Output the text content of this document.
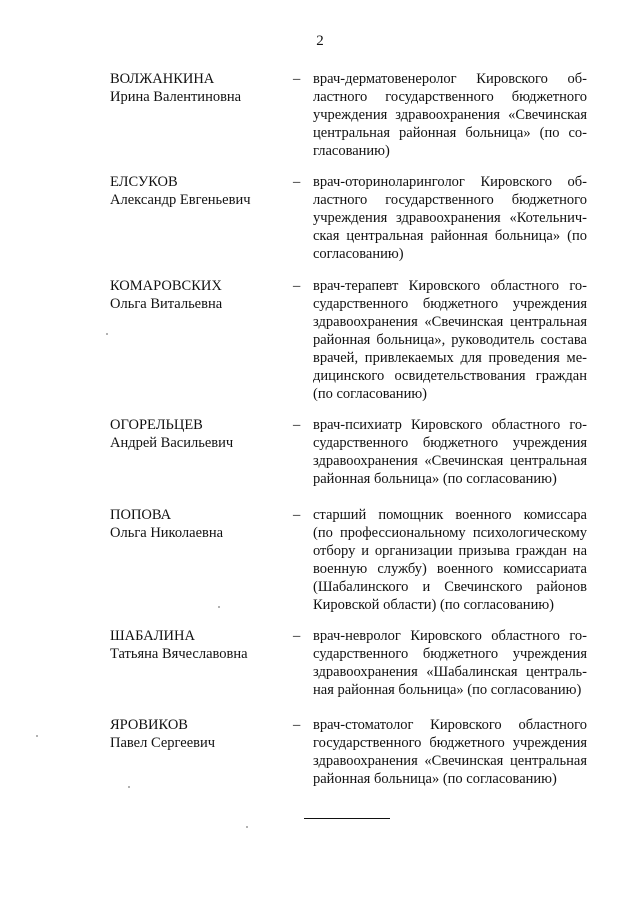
2
ВОЛЖАНКИНА
Ирина Валентиновна
– врач-дерматовенеролог Кировского об-
ластного государственного бюджетного
учреждения здравоохранения «Свечинская
центральная районная больница» (по со-
гласованию)
ЕЛСУКОВ
Александр Евгеньевич
– врач-оториноларинголог Кировского об-
ластного государственного бюджетного
учреждения здравоохранения «Котельнич-
ская центральная районная больница» (по
согласованию)
КОМАРОВСКИХ
Ольга Витальевна
– врач-терапевт Кировского областного го-
сударственного бюджетного учреждения
здравоохранения «Свечинская центральная
районная больница», руководитель состава
врачей, привлекаемых для проведения ме-
дицинского освидетельствования граждан
(по согласованию)
ОГОРЕЛЬЦЕВ
Андрей Васильевич
– врач-психиатр Кировского областного го-
сударственного бюджетного учреждения
здравоохранения «Свечинская центральная
районная больница» (по согласованию)
ПОПОВА
Ольга Николаевна
– старший помощник военного комиссара
(по профессиональному психологическому
отбору и организации призыва граждан на
военную службу) военного комиссариата
(Шабалинского и Свечинского районов
Кировской области) (по согласованию)
ШАБАЛИНА
Татьяна Вячеславовна
– врач-невролог Кировского областного го-
сударственного бюджетного учреждения
здравоохранения «Шабалинская централь-
ная районная больница» (по согласованию)
ЯРОВИКОВ
Павел Сергеевич
– врач-стоматолог Кировского областного
государственного бюджетного учреждения
здравоохранения «Свечинская центральная
районная больница» (по согласованию)
